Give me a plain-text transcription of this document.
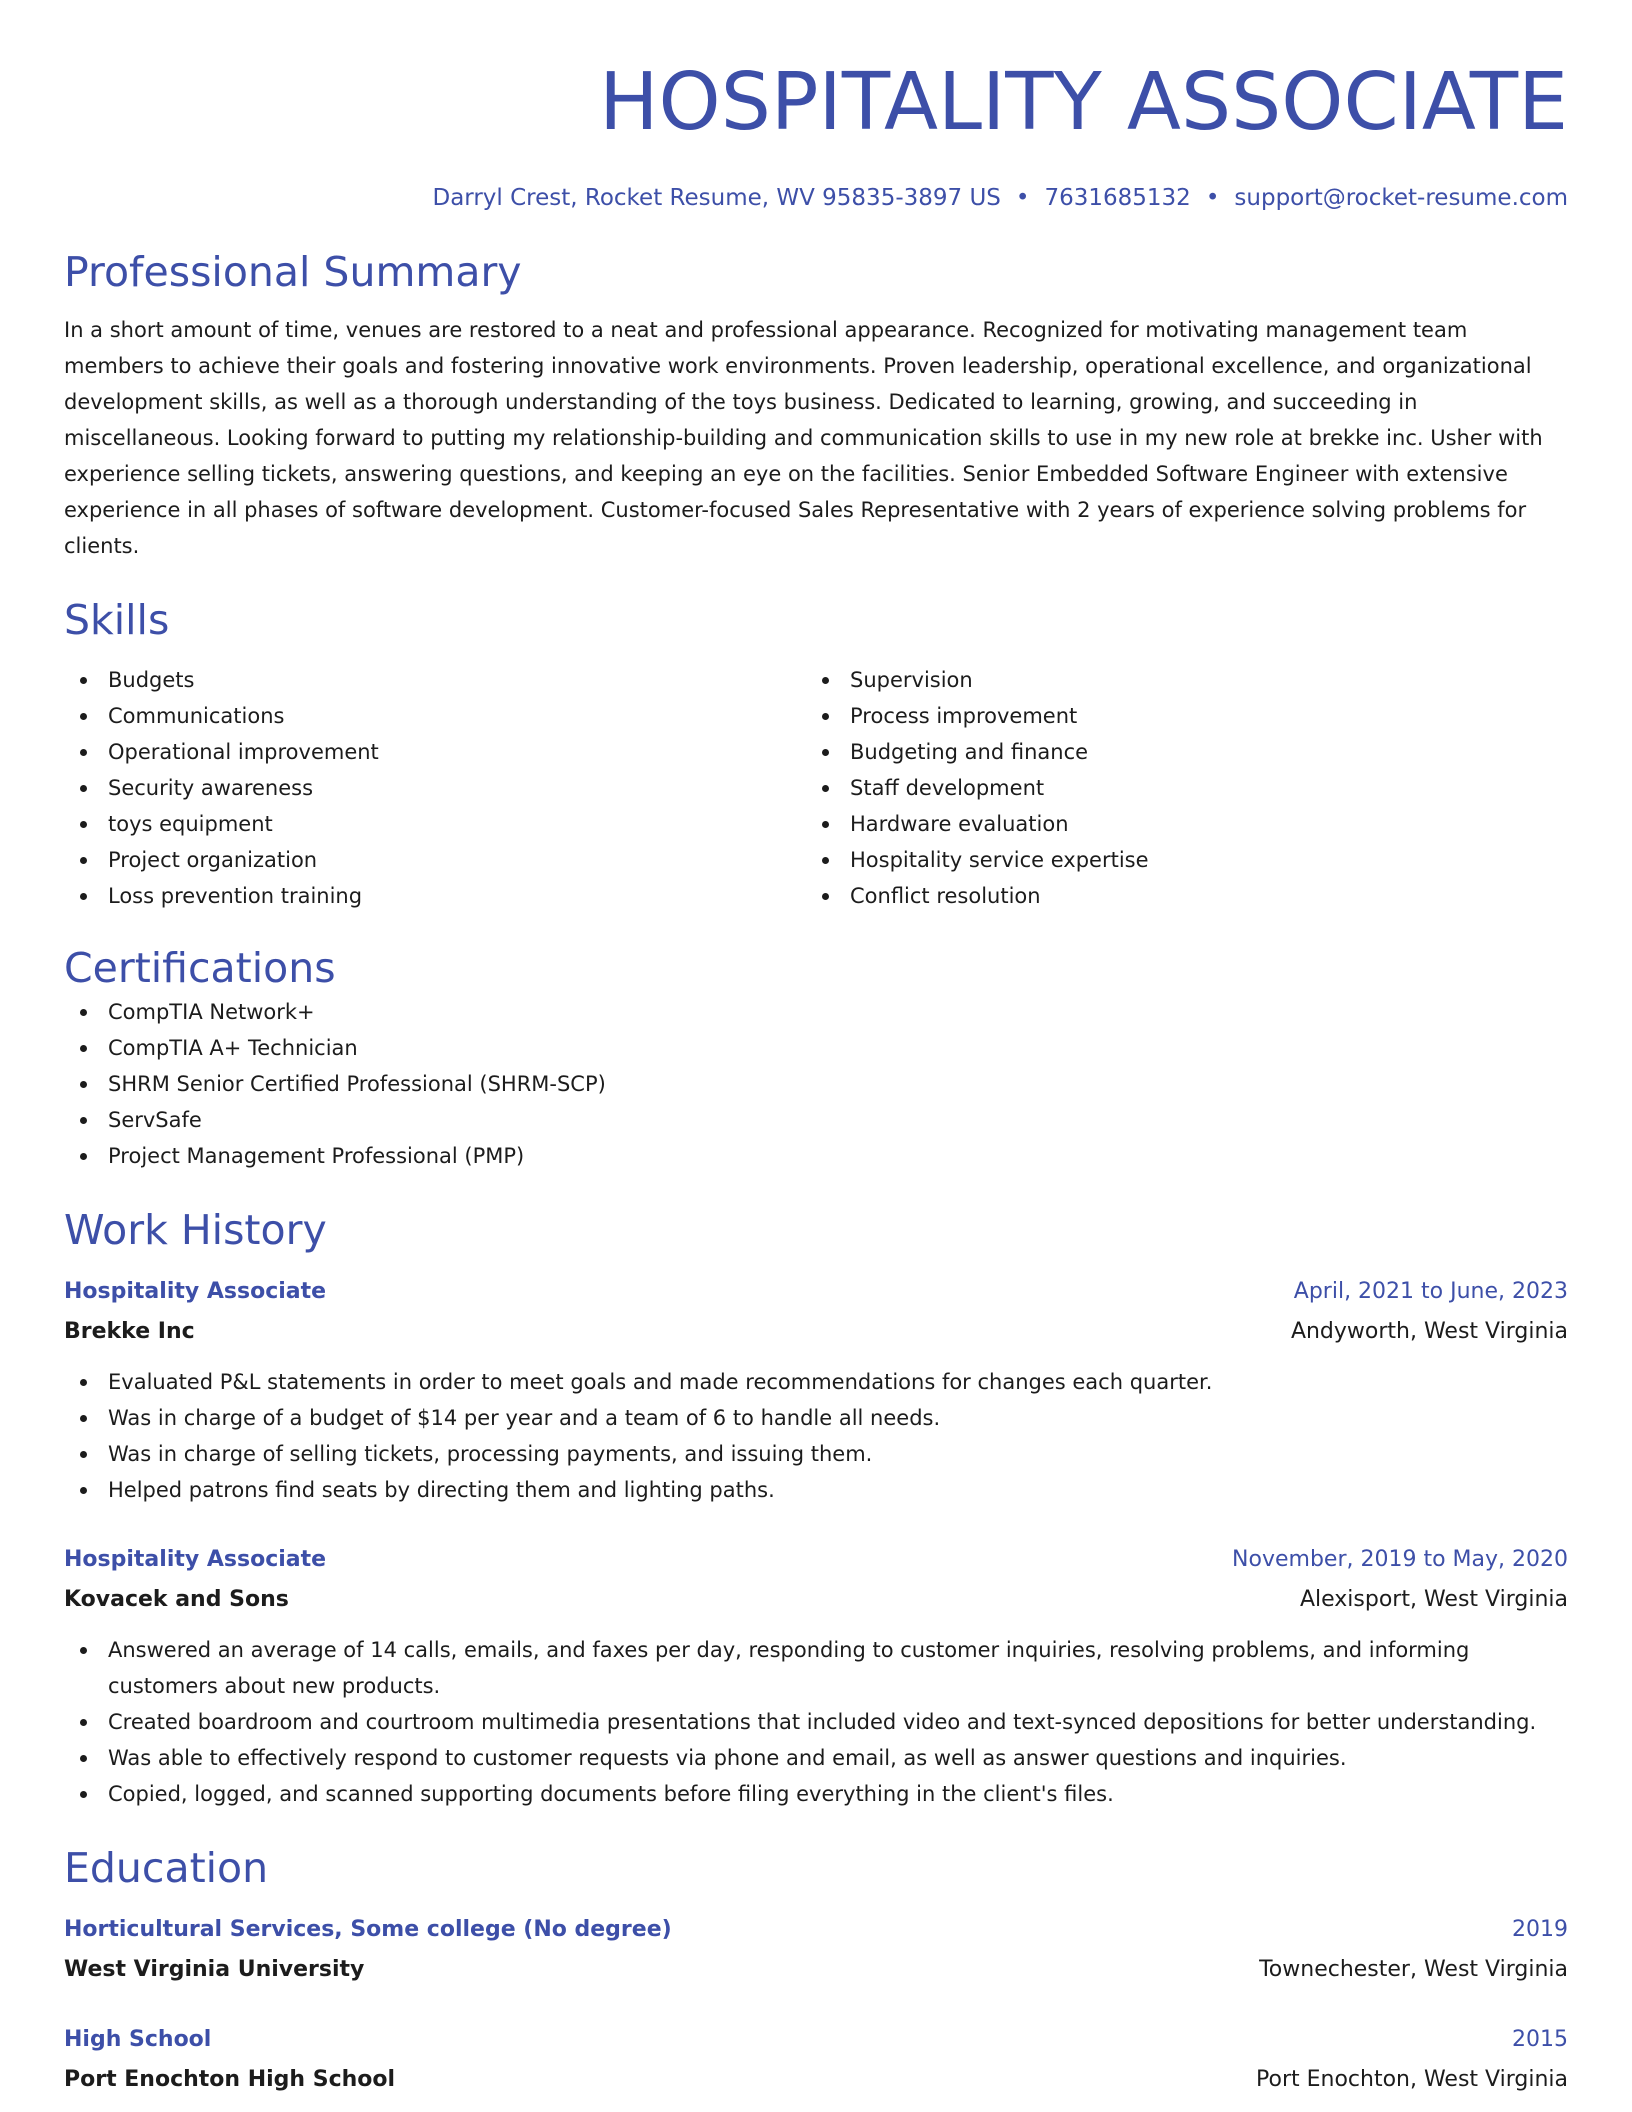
HOSPITALITY ASSOCIATE
Darryl Crest, Rocket Resume, WV 95835-3897 US • 7631685132 • support@rocket-resume.com
Professional Summary

In a short amount of time, venues are restored to a neat and professional appearance. Recognized for motivating management team members to achieve their goals and fostering innovative work environments. Proven leadership, operational excellence, and organizational development skills, as well as a thorough understanding of the toys business. Dedicated to learning, growing, and succeeding in miscellaneous. Looking forward to putting my relationship-building and communication skills to use in my new role at brekke inc. Usher with experience selling tickets, answering questions, and keeping an eye on the facilities. Senior Embedded Software Engineer with extensive experience in all phases of software development. Customer-focused Sales Representative with 2 years of experience solving problems for clients.

Skills
Budgets
Communications
Operational improvement
Security awareness
toys equipment
Project organization
Loss prevention training
Supervision
Process improvement
Budgeting and finance
Staff development
Hardware evaluation
Hospitality service expertise
Conflict resolution
Certifications
CompTIA Network+
CompTIA A+ Technician
SHRM Senior Certified Professional (SHRM-SCP)
ServSafe
Project Management Professional (PMP)
Work History
Hospitality Associate	April, 2021 to June, 2023
Brekke Inc	Andyworth, West Virginia
Evaluated P&L statements in order to meet goals and made recommendations for changes each quarter.
Was in charge of a budget of $14 per year and a team of 6 to handle all needs.
Was in charge of selling tickets, processing payments, and issuing them.
Helped patrons find seats by directing them and lighting paths.
Hospitality Associate	November, 2019 to May, 2020
Kovacek and Sons	Alexisport, West Virginia
Answered an average of 14 calls, emails, and faxes per day, responding to customer inquiries, resolving problems, and informing customers about new products.
Created boardroom and courtroom multimedia presentations that included video and text-synced depositions for better understanding.
Was able to effectively respond to customer requests via phone and email, as well as answer questions and inquiries.
Copied, logged, and scanned supporting documents before filing everything in the client's files.
Education
Horticultural Services, Some college (No degree)	2019
West Virginia University	Townechester, West Virginia
High School	2015
Port Enochton High School	Port Enochton, West Virginia
